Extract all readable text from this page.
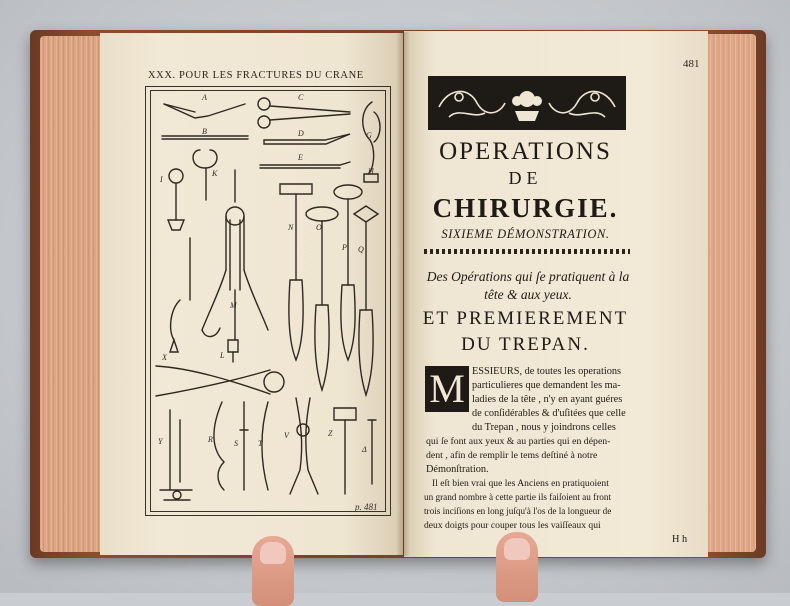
XXX. POUR LES FRACTURES DU CRANE
A
B
C
D
E
G
H
I
K
L
M
N	O
P Q
X
Y	R	S	T
V	Z
Δ
p. 481
481
OPERATIONS
DE
CHIRURGIE.
SIXIEME DÉMONSTRATION.
Des Opérations qui ſe pratiquent à la tête & aux yeux.
ET PREMIEREMENT
DU TREPAN.
M ESSIEURS, de toutes les operations
particulieres que demandent les ma-
ladies de la tête , n'y en ayant guéres
de conſidérables & d'uſitées que celle
du Trepan , nous y joindrons celles
qui ſe font aux yeux & au parties qui en dépen-
dent , afin de remplir le tems deſtiné à notre
Démonſtration.
Il eſt bien vrai que les Anciens en pratiquoient
un grand nombre à cette partie ils faiſoient au front
trois inciſions en long juſqu'à l'os de la longueur de
deux doigts pour couper tous les vaiſſeaux qui
H h
